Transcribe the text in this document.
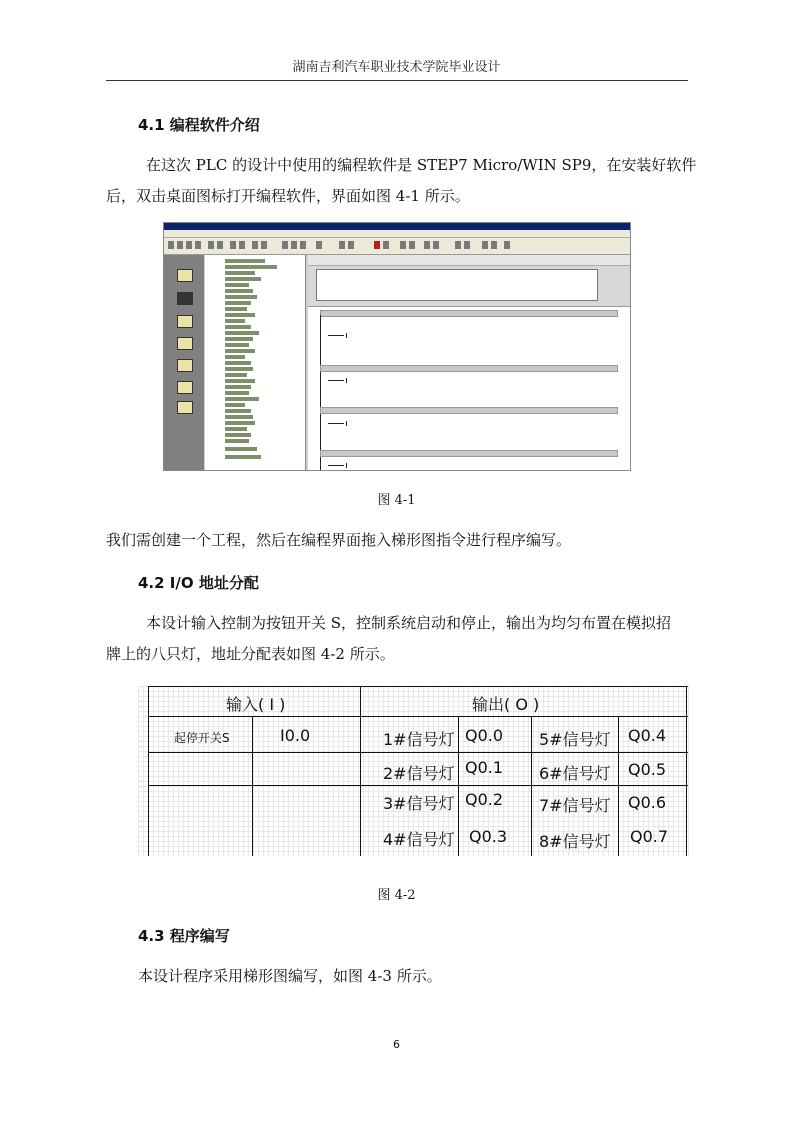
湖南吉利汽车职业技术学院毕业设计
4.1 编程软件介绍
在这次 PLC 的设计中使用的编程软件是 STEP7 Micro/WIN SP9，在安装好软件
后，双击桌面图标打开编程软件，界面如图 4-1 所示。
图 4-1
我们需创建一个工程，然后在编程界面拖入梯形图指令进行程序编写。
4.2 I/O 地址分配
本设计输入控制为按钮开关 S，控制系统启动和停止，输出为均匀布置在模拟招
牌上的八只灯，地址分配表如图 4-2 所示。
输入( I )	输出( O )
起停开关S	I0.0	1#信号灯 Q0.0 5#信号灯 Q0.4
2#信号灯 Q0.1 6#信号灯 Q0.5
3#信号灯 Q0.2 7#信号灯 Q0.6
4#信号灯 Q0.3 8#信号灯 Q0.7
图 4-2
4.3 程序编写
本设计程序采用梯形图编写，如图 4-3 所示。
6
